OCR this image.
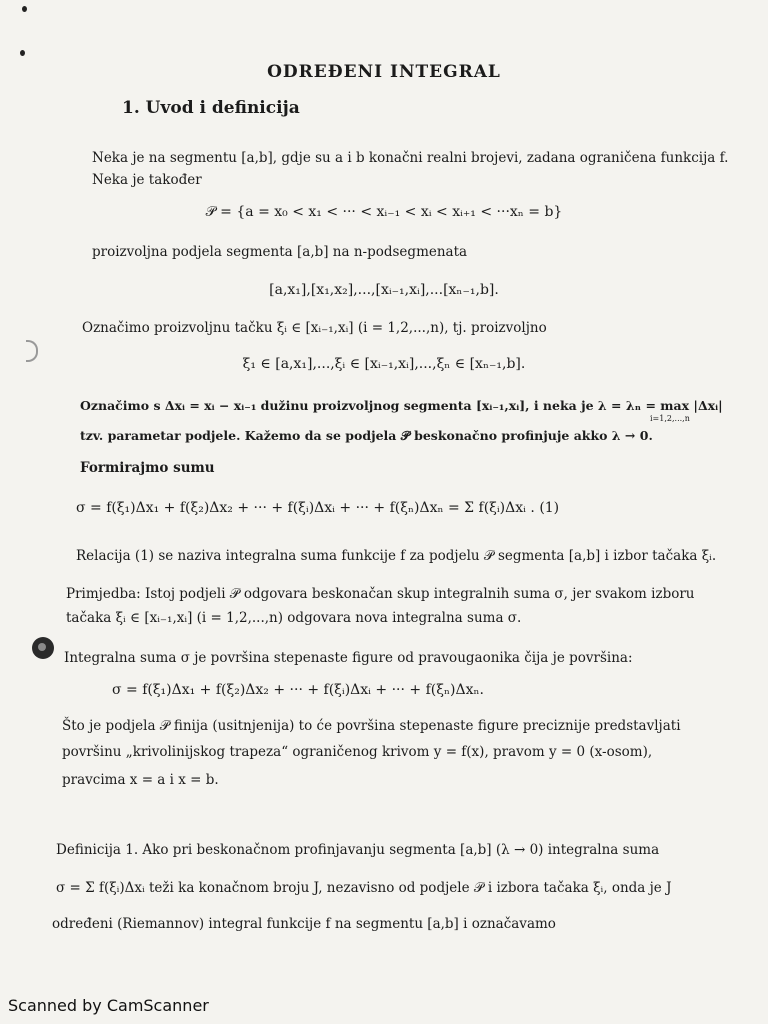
ODREĐENI INTEGRAL
1. Uvod i definicija
Neka je na segmentu [a,b], gdje su a i b konačni realni brojevi, zadana ograničena funkcija f.
Neka je također
𝒫 = {a = x₀ < x₁ < ··· < xᵢ₋₁ < xᵢ < xᵢ₊₁ < ···xₙ = b}
proizvoljna podjela segmenta [a,b] na n-podsegmenata
[a,x₁],[x₁,x₂],...,[xᵢ₋₁,xᵢ],...[xₙ₋₁,b].
Označimo proizvoljnu tačku ξᵢ ∈ [xᵢ₋₁,xᵢ] (i = 1,2,...,n), tj. proizvoljno
ξ₁ ∈ [a,x₁],...,ξᵢ ∈ [xᵢ₋₁,xᵢ],...,ξₙ ∈ [xₙ₋₁,b].
Označimo s Δxᵢ = xᵢ − xᵢ₋₁ dužinu proizvoljnog segmenta [xᵢ₋₁,xᵢ], i neka je λ = λₙ = max |Δxᵢ|
i=1,2,...,n
tzv. parametar podjele. Kažemo da se podjela 𝒫 beskonačno profinjuje akko λ → 0.
Formirajmo sumu
σ = f(ξ₁)Δx₁ + f(ξ₂)Δx₂ + ··· + f(ξᵢ)Δxᵢ + ··· + f(ξₙ)Δxₙ = Σ f(ξᵢ)Δxᵢ . (1)
Relacija (1) se naziva integralna suma funkcije f za podjelu 𝒫 segmenta [a,b] i izbor tačaka ξᵢ.
Primjedba: Istoj podjeli 𝒫 odgovara beskonačan skup integralnih suma σ, jer svakom izboru
tačaka ξᵢ ∈ [xᵢ₋₁,xᵢ] (i = 1,2,...,n) odgovara nova integralna suma σ.
Integralna suma σ je površina stepenaste figure od pravougaonika čija je površina:
σ = f(ξ₁)Δx₁ + f(ξ₂)Δx₂ + ··· + f(ξᵢ)Δxᵢ + ··· + f(ξₙ)Δxₙ.
Što je podjela 𝒫 finija (usitnjenija) to će površina stepenaste figure preciznije predstavljati
površinu „krivolinijskog trapeza“ ograničenog krivom y = f(x), pravom y = 0 (x-osom),
pravcima x = a i x = b.
Definicija 1. Ako pri beskonačnom profinjavanju segmenta [a,b] (λ → 0) integralna suma
σ = Σ f(ξᵢ)Δxᵢ teži ka konačnom broju J, nezavisno od podjele 𝒫 i izbora tačaka ξᵢ, onda je J
određeni (Riemannov) integral funkcije f na segmentu [a,b] i označavamo
Scanned by CamScanner
